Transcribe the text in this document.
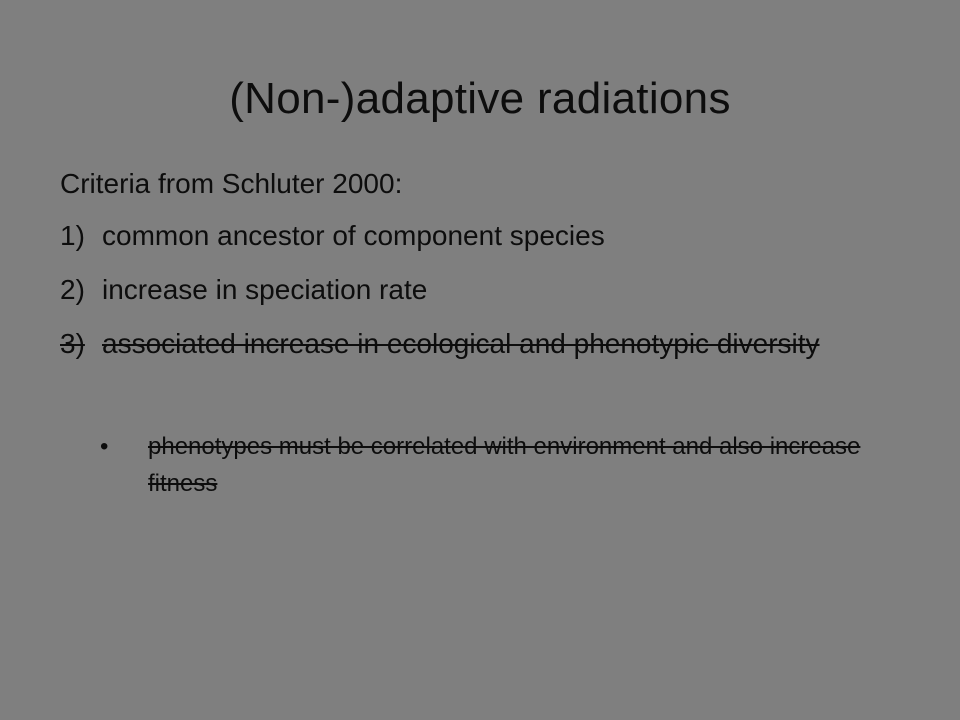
(Non-)adaptive radiations
Criteria from Schluter 2000:
1) common ancestor of component species
2) increase in speciation rate
3) associated increase in ecological and phenotypic diversity
• phenotypes must be correlated with environment and also increase fitness
